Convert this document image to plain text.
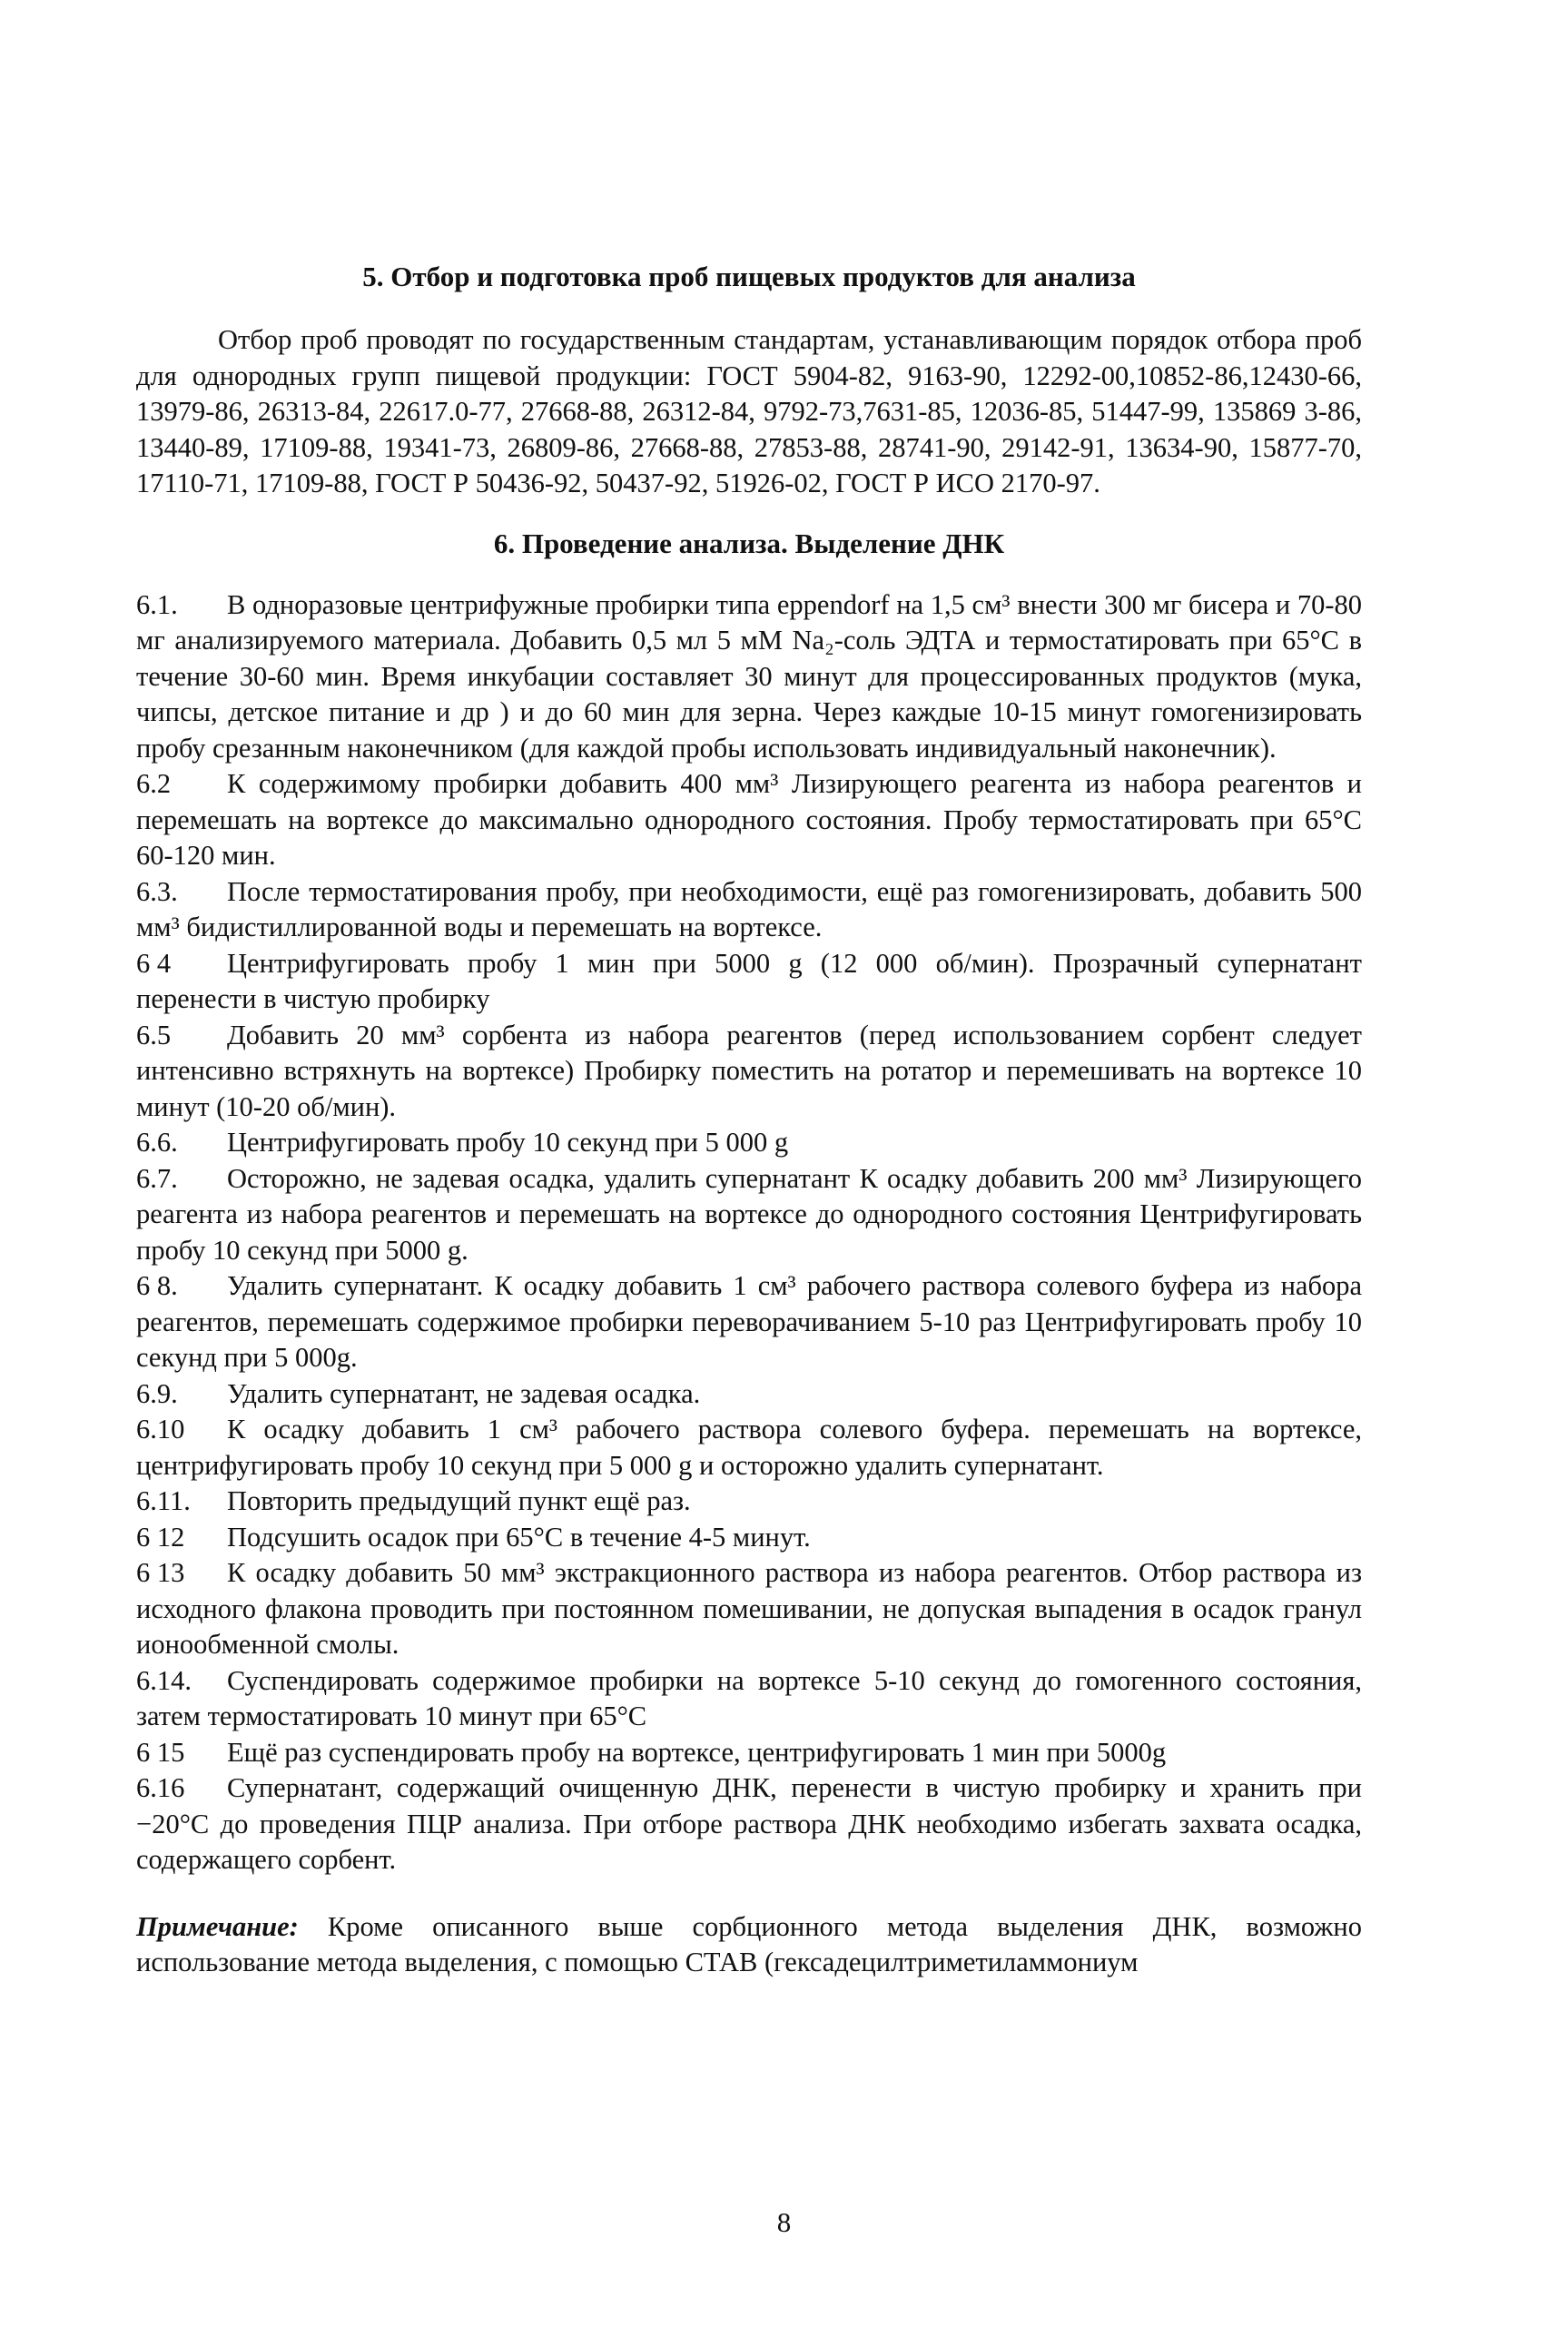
5. Отбор и подготовка проб пищевых продуктов для анализа

Отбор проб проводят по государственным стандартам, устанавливающим порядок отбора проб для однородных групп пищевой продукции: ГОСТ 5904-82, 9163-90, 12292-00,10852-86,12430-66, 13979-86, 26313-84, 22617.0-77, 27668-88, 26312-84, 9792-73,7631-85, 12036-85, 51447-99, 135869 3-86, 13440-89, 17109-88, 19341-73, 26809-86, 27668-88, 27853-88, 28741-90, 29142-91, 13634-90, 15877-70, 17110-71, 17109-88, ГОСТ Р 50436-92, 50437-92, 51926-02, ГОСТ Р ИСО 2170-97.

6. Проведение анализа. Выделение ДНК

6.1. В одноразовые центрифужные пробирки типа eppendorf на 1,5 см³ внести 300 мг бисера и 70-80 мг анализируемого материала. Добавить 0,5 мл 5 мМ Na₂-соль ЭДТА и термостатировать при 65°С в течение 30-60 мин. Время инкубации составляет 30 минут для процессированных продуктов (мука, чипсы, детское питание и др ) и до 60 мин для зерна. Через каждые 10-15 минут гомогенизировать пробу срезанным наконечником (для каждой пробы использовать индивидуальный наконечник).

6.2 К содержимому пробирки добавить 400 мм³ Лизирующего реагента из набора реагентов и перемешать на вортексе до максимально однородного состояния. Пробу термостатировать при 65°С 60-120 мин.

6.3. После термостатирования пробу, при необходимости, ещё раз гомогенизировать, добавить 500 мм³ бидистиллированной воды и перемешать на вортексе.

6 4 Центрифугировать пробу 1 мин при 5000 g (12 000 об/мин). Прозрачный супернатант перенести в чистую пробирку

6.5 Добавить 20 мм³ сорбента из набора реагентов (перед использованием сорбент следует интенсивно встряхнуть на вортексе) Пробирку поместить на ротатор и перемешивать на вортексе 10 минут (10-20 об/мин).

6.6. Центрифугировать пробу 10 секунд при 5 000 g

6.7. Осторожно, не задевая осадка, удалить супернатант К осадку добавить 200 мм³ Лизирующего реагента из набора реагентов и перемешать на вортексе до однородного состояния Центрифугировать пробу 10 секунд при 5000 g.

6 8. Удалить супернатант. К осадку добавить 1 см³ рабочего раствора солевого буфера из набора реагентов, перемешать содержимое пробирки переворачиванием 5-10 раз Центрифугировать пробу 10 секунд при 5 000g.

6.9. Удалить супернатант, не задевая осадка.

6.10 К осадку добавить 1 см³ рабочего раствора солевого буфера. перемешать на вортексе, центрифугировать пробу 10 секунд при 5 000 g и осторожно удалить супернатант.

6.11. Повторить предыдущий пункт ещё раз.

6 12 Подсушить осадок при 65°С в течение 4-5 минут.

6 13 К осадку добавить 50 мм³ экстракционного раствора из набора реагентов. Отбор раствора из исходного флакона проводить при постоянном помешивании, не допуская выпадения в осадок гранул ионообменной смолы.

6.14. Суспендировать содержимое пробирки на вортексе 5-10 секунд до гомогенного состояния, затем термостатировать 10 минут при 65°С

6 15 Ещё раз суспендировать пробу на вортексе, центрифугировать 1 мин при 5000g

6.16 Супернатант, содержащий очищенную ДНК, перенести в чистую пробирку и хранить при −20°С до проведения ПЦР анализа. При отборе раствора ДНК необходимо избегать захвата осадка, содержащего сорбент.

Примечание: Кроме описанного выше сорбционного метода выделения ДНК, возможно использование метода выделения, с помощью СТАВ (гексадецилтриметиламмониум

8
